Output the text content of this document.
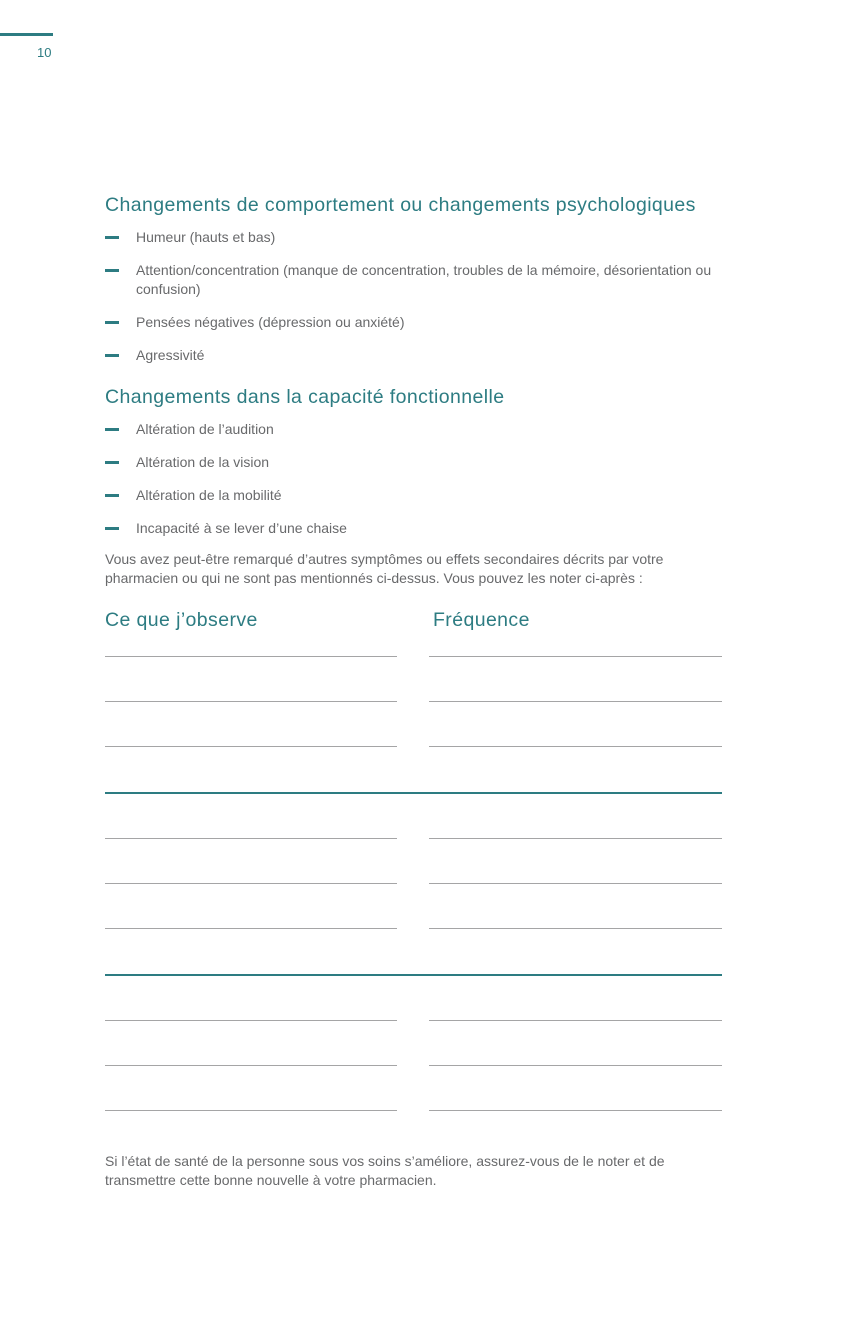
10
Changements de comportement ou changements psychologiques
Humeur (hauts et bas)
Attention/concentration (manque de concentration, troubles de la mémoire, désorientation ou confusion)
Pensées négatives (dépression ou anxiété)
Agressivité
Changements dans la capacité fonctionnelle
Altération de l’audition
Altération de la vision
Altération de la mobilité
Incapacité à se lever d’une chaise

Vous avez peut-être remarqué d’autres symptômes ou effets secondaires décrits par votre pharmacien ou qui ne sont pas mentionnés ci-dessus. Vous pouvez les noter ci-après :

Ce que j’observe	Fréquence

Si l’état de santé de la personne sous vos soins s’améliore, assurez-vous de le noter et de transmettre cette bonne nouvelle à votre pharmacien.
